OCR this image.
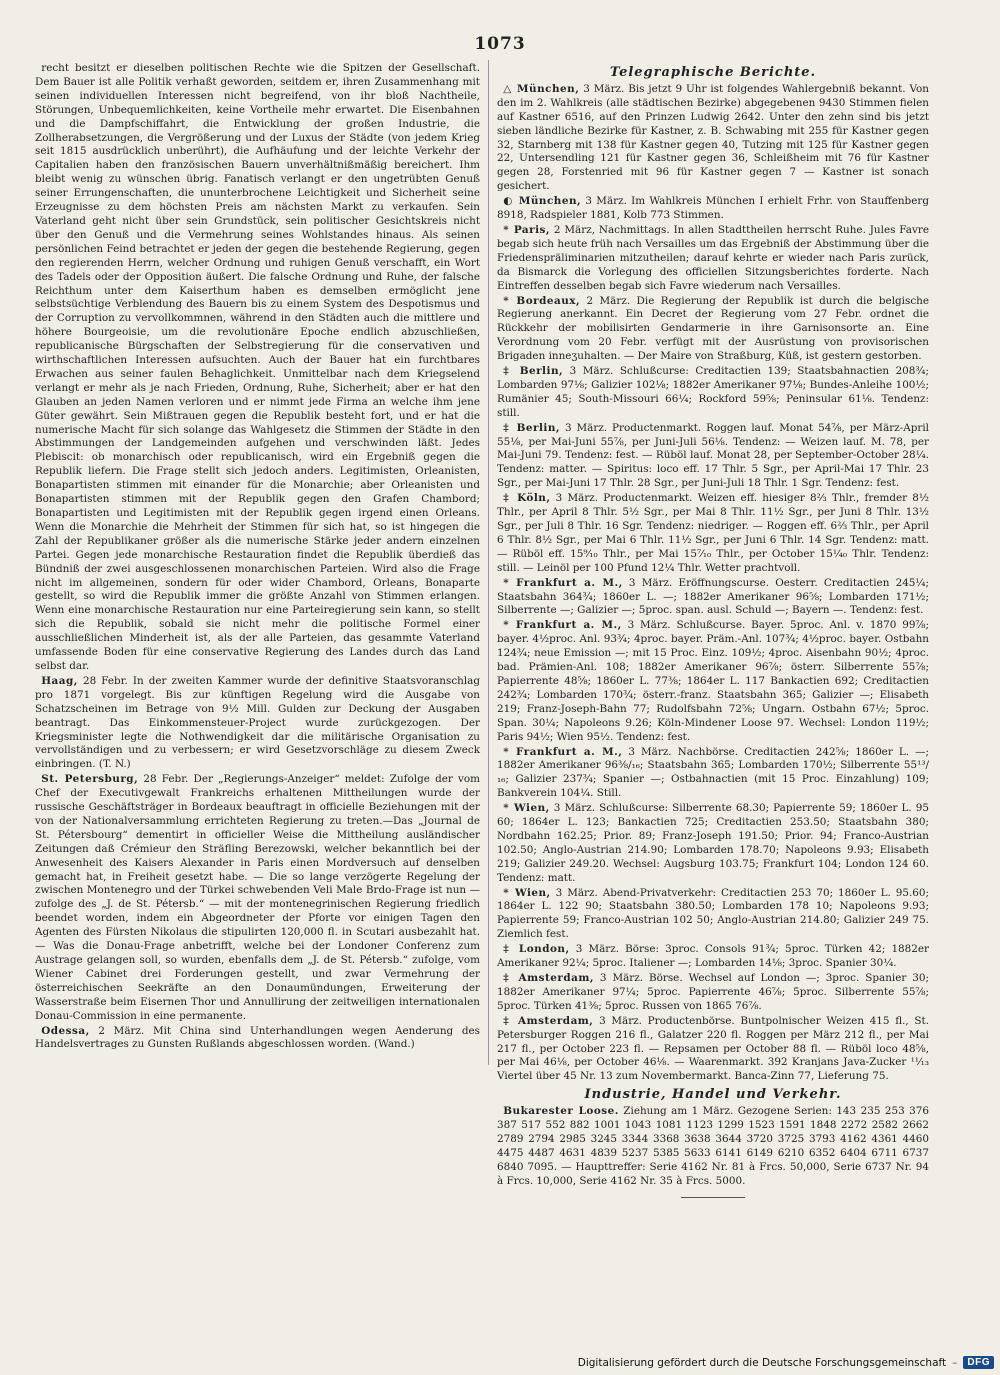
1073

recht besitzt er dieselben politischen Rechte wie die Spitzen der Gesellschaft. Dem Bauer ist alle Politik verhaßt geworden, seitdem er, ihren Zusammenhang mit seinen individuellen Interessen nicht begreifend, von ihr bloß Nachtheile, Störungen, Unbequemlichkeiten, keine Vortheile mehr erwartet. Die Eisenbahnen und die Dampfschiffahrt, die Entwicklung der großen Industrie, die Zollherabsetzungen, die Vergrößerung und der Luxus der Städte (von jedem Krieg seit 1815 ausdrücklich unberührt), die Aufhäufung und der leichte Verkehr der Capitalien haben den französischen Bauern unverhältnißmäßig bereichert. Ihm bleibt wenig zu wünschen übrig. Fanatisch verlangt er den ungetrübten Genuß seiner Errungenschaften, die ununterbrochene Leichtigkeit und Sicherheit seine Erzeugnisse zu dem höchsten Preis am nächsten Markt zu verkaufen. Sein Vaterland geht nicht über sein Grundstück, sein politischer Gesichtskreis nicht über den Genuß und die Vermehrung seines Wohlstandes hinaus. Als seinen persönlichen Feind betrachtet er jeden der gegen die bestehende Regierung, gegen den regierenden Herrn, welcher Ordnung und ruhigen Genuß verschafft, ein Wort des Tadels oder der Opposition äußert. Die falsche Ordnung und Ruhe, der falsche Reichthum unter dem Kaiserthum haben es demselben ermöglicht jene selbstsüchtige Verblendung des Bauern bis zu einem System des Despotismus und der Corruption zu vervollkommnen, während in den Städten auch die mittlere und höhere Bourgeoisie, um die revolutionäre Epoche endlich abzuschließen, republicanische Bürgschaften der Selbstregierung für die conservativen und wirthschaftlichen Interessen aufsuchten. Auch der Bauer hat ein furchtbares Erwachen aus seiner faulen Behaglichkeit. Unmittelbar nach dem Kriegselend verlangt er mehr als je nach Frieden, Ordnung, Ruhe, Sicherheit; aber er hat den Glauben an jeden Namen verloren und er nimmt jede Firma an welche ihm jene Güter gewährt. Sein Mißtrauen gegen die Republik besteht fort, und er hat die numerische Macht für sich solange das Wahlgesetz die Stimmen der Städte in den Abstimmungen der Landgemeinden aufgehen und verschwinden läßt. Jedes Plebiscit: ob monarchisch oder republicanisch, wird ein Ergebniß gegen die Republik liefern. Die Frage stellt sich jedoch anders. Legitimisten, Orleanisten, Bonapartisten stimmen mit einander für die Monarchie; aber Orleanisten und Bonapartisten stimmen mit der Republik gegen den Grafen Chambord; Bonapartisten und Legitimisten mit der Republik gegen irgend einen Orleans. Wenn die Monarchie die Mehrheit der Stimmen für sich hat, so ist hingegen die Zahl der Republikaner größer als die numerische Stärke jeder andern einzelnen Partei. Gegen jede monarchische Restauration findet die Republik überdieß das Bündniß der zwei ausgeschlossenen monarchischen Parteien. Wird also die Frage nicht im allgemeinen, sondern für oder wider Chambord, Orleans, Bonaparte gestellt, so wird die Republik immer die größte Anzahl von Stimmen erlangen. Wenn eine monarchische Restauration nur eine Parteiregierung sein kann, so stellt sich die Republik, sobald sie nicht mehr die politische Formel einer ausschließlichen Minderheit ist, als der alle Parteien, das gesammte Vaterland umfassende Boden für eine conservative Regierung des Landes durch das Land selbst dar.

Haag, 28 Febr. In der zweiten Kammer wurde der definitive Staatsvoranschlag pro 1871 vorgelegt. Bis zur künftigen Regelung wird die Ausgabe von Schatzscheinen im Betrage von 9½ Mill. Gulden zur Deckung der Ausgaben beantragt. Das Einkommensteuer-Project wurde zurückgezogen. Der Kriegsminister legte die Nothwendigkeit dar die militärische Organisation zu vervollständigen und zu verbessern; er wird Gesetzvorschläge zu diesem Zweck einbringen. (T. N.)

St. Petersburg, 28 Febr. Der „Regierungs-Anzeiger“ meldet: Zufolge der vom Chef der Executivgewalt Frankreichs erhaltenen Mittheilungen wurde der russische Geschäftsträger in Bordeaux beauftragt in officielle Beziehungen mit der von der Nationalversammlung errichteten Regierung zu treten.—Das „Journal de St. Pétersbourg“ dementirt in officieller Weise die Mittheilung ausländischer Zeitungen daß Crémieur den Sträfling Berezowski, welcher bekanntlich bei der Anwesenheit des Kaisers Alexander in Paris einen Mordversuch auf denselben gemacht hat, in Freiheit gesetzt habe. — Die so lange verzögerte Regelung der zwischen Montenegro und der Türkei schwebenden Veli Male Brdo-Frage ist nun — zufolge des „J. de St. Pétersb.“ — mit der montenegrinischen Regierung friedlich beendet worden, indem ein Abgeordneter der Pforte vor einigen Tagen den Agenten des Fürsten Nikolaus die stipulirten 120,000 fl. in Scutari ausbezahlt hat. — Was die Donau-Frage anbetrifft, welche bei der Londoner Conferenz zum Austrage gelangen soll, so wurden, ebenfalls dem „J. de St. Pétersb.“ zufolge, vom Wiener Cabinet drei Forderungen gestellt, und zwar Vermehrung der österreichischen Seekräfte an den Donaumündungen, Erweiterung der Wasserstraße beim Eisernen Thor und Annullirung der zeitweiligen internationalen Donau-Commission in eine permanente.

Odessa, 2 März. Mit China sind Unterhandlungen wegen Aenderung des Handelsvertrages zu Gunsten Rußlands abgeschlossen worden. (Wand.)

Telegraphische Berichte.

△ München, 3 März. Bis jetzt 9 Uhr ist folgendes Wahlergebniß bekannt. Von den im 2. Wahlkreis (alle städtischen Bezirke) abgegebenen 9430 Stimmen fielen auf Kastner 6516, auf den Prinzen Ludwig 2642. Unter den zehn sind bis jetzt sieben ländliche Bezirke für Kastner, z. B. Schwabing mit 255 für Kastner gegen 32, Starnberg mit 138 für Kastner gegen 40, Tutzing mit 125 für Kastner gegen 22, Untersendling 121 für Kastner gegen 36, Schleißheim mit 76 für Kastner gegen 28, Forstenried mit 96 für Kastner gegen 7 — Kastner ist sonach gesichert.

◐ München, 3 März. Im Wahlkreis München I erhielt Frhr. von Stauffenberg 8918, Radspieler 1881, Kolb 773 Stimmen.

* Paris, 2 März, Nachmittags. In allen Stadttheilen herrscht Ruhe. Jules Favre begab sich heute früh nach Versailles um das Ergebniß der Abstimmung über die Friedenspräliminarien mitzutheilen; darauf kehrte er wieder nach Paris zurück, da Bismarck die Vorlegung des officiellen Sitzungsberichtes forderte. Nach Eintreffen desselben begab sich Favre wiederum nach Versailles.

* Bordeaux, 2 März. Die Regierung der Republik ist durch die belgische Regierung anerkannt. Ein Decret der Regierung vom 27 Febr. ordnet die Rückkehr der mobilisirten Gendarmerie in ihre Garnisonsorte an. Eine Verordnung vom 20 Febr. verfügt mit der Ausrüstung von provisorischen Brigaden inneʒuhalten. — Der Maire von Straßburg, Küß, ist gestern gestorben.

‡ Berlin, 3 März. Schlußcurse: Creditactien 139; Staatsbahnactien 208¾; Lombarden 97⅛; Galizier 102⅛; 1882er Amerikaner 97⅛; Bundes-Anleihe 100½; Rumänier 45; South-Missouri 66¼; Rockford 59⅝; Peninsular 61⅛. Tendenz: still.

‡ Berlin, 3 März. Productenmarkt. Roggen lauf. Monat 54⅞, per März-April 55⅛, per Mai-Juni 55⅞, per Juni-Juli 56⅛. Tendenz: — Weizen lauf. M. 78, per Mai-Juni 79. Tendenz: fest. — Rüböl lauf. Monat 28, per September-October 28¼. Tendenz: matter. — Spiritus: loco eff. 17 Thlr. 5 Sgr., per April-Mai 17 Thlr. 23 Sgr., per Mai-Juni 17 Thlr. 28 Sgr., per Juni-Juli 18 Thlr. 1 Sgr. Tendenz: fest.

‡ Köln, 3 März. Productenmarkt. Weizen eff. hiesiger 8⅔ Thlr., fremder 8½ Thlr., per April 8 Thlr. 5½ Sgr., per Mai 8 Thlr. 11½ Sgr., per Juni 8 Thlr. 13½ Sgr., per Juli 8 Thlr. 16 Sgr. Tendenz: niedriger. — Roggen eff. 6⅔ Thlr., per April 6 Thlr. 8½ Sgr., per Mai 6 Thlr. 11½ Sgr., per Juni 6 Thlr. 14 Sgr. Tendenz: matt. — Rüböl eff. 15⁹⁄₁₀ Thlr., per Mai 15⁷⁄₁₀ Thlr., per October 15¼₀ Thlr. Tendenz: still. — Leinöl per 100 Pfund 12¼ Thlr. Wetter prachtvoll.

* Frankfurt a. M., 3 März. Eröffnungscurse. Oesterr. Creditactien 245¼; Staatsbahn 364¾; 1860er L. —; 1882er Amerikaner 96⅝; Lombarden 171½; Silberrente —; Galizier —; 5proc. span. ausl. Schuld —; Bayern —. Tendenz: fest.

* Frankfurt a. M., 3 März. Schlußcurse. Bayer. 5proc. Anl. v. 1870 99⅞; bayer. 4½proc. Anl. 93¾; 4proc. bayer. Präm.-Anl. 107¾; 4½proc. bayer. Ostbahn 124¾; neue Emission —; mit 15 Proc. Einz. 109½; 4proc. Aisenbahn 90½; 4proc. bad. Prämien-Anl. 108; 1882er Amerikaner 96⅞; österr. Silberrente 55⅞; Papierrente 48⅝; 1860er L. 77⅜; 1864er L. 117 Bankactien 692; Creditactien 242¾; Lombarden 170¾; österr.-franz. Staatsbahn 365; Galizier —; Elisabeth 219; Franz-Joseph-Bahn 77; Rudolfsbahn 72⅝; Ungarn. Ostbahn 67½; 5proc. Span. 30¼; Napoleons 9.26; Köln-Mindener Loose 97. Wechsel: London 119½; Paris 94½; Wien 95½. Tendenz: fest.

* Frankfurt a. M., 3 März. Nachbörse. Creditactien 242⅝; 1860er L. —; 1882er Amerikaner 96⅜/₁₆; Staatsbahn 365; Lombarden 170½; Silberrente 55¹³/₁₆; Galizier 237¾; Spanier —; Ostbahnactien (mit 15 Proc. Einzahlung) 109; Bankverein 104¼. Still.

* Wien, 3 März. Schlußcurse: Silberrente 68.30; Papierrente 59; 1860er L. 95 60; 1864er L. 123; Bankactien 725; Creditactien 253.50; Staatsbahn 380; Nordbahn 162.25; Prior. 89; Franz-Joseph 191.50; Prior. 94; Franco-Austrian 102.50; Anglo-Austrian 214.90; Lombarden 178.70; Napoleons 9.93; Elisabeth 219; Galizier 249.20. Wechsel: Augsburg 103.75; Frankfurt 104; London 124 60. Tendenz: matt.

* Wien, 3 März. Abend-Privatverkehr: Creditactien 253 70; 1860er L. 95.60; 1864er L. 122 90; Staatsbahn 380.50; Lombarden 178 10; Napoleons 9.93; Papierrente 59; Franco-Austrian 102 50; Anglo-Austrian 214.80; Galizier 249 75. Ziemlich fest.

‡ London, 3 März. Börse: 3proc. Consols 91¾; 5proc. Türken 42; 1882er Amerikaner 92¼; 5proc. Italiener —; Lombarden 14⅛; 3proc. Spanier 30¼.

‡ Amsterdam, 3 März. Börse. Wechsel auf London —; 3proc. Spanier 30; 1882er Amerikaner 97¼; 5proc. Papierrente 46⅞; 5proc. Silberrente 55⅞; 5proc. Türken 41⅜; 5proc. Russen von 1865 76⅞.

‡ Amsterdam, 3 März. Productenbörse. Buntpolnischer Weizen 415 fl., St. Petersburger Roggen 216 fl., Galatzer 220 fl. Roggen per März 212 fl., per Mai 217 fl., per October 223 fl. — Repsamen per October 88 fl. — Rüböl loco 48⅝, per Mai 46⅛, per October 46⅛. — Waarenmarkt. 392 Kranjans Java-Zucker ¹¹⁄₁₃ Viertel über 45 Nr. 13 zum Novembermarkt. Banca-Zinn 77, Lieferung 75.

Industrie, Handel und Verkehr.

Bukarester Loose. Ziehung am 1 März. Gezogene Serien: 143 235 253 376 387 517 552 882 1001 1043 1081 1123 1299 1523 1591 1848 2272 2582 2662 2789 2794 2985 3245 3344 3368 3638 3644 3720 3725 3793 4162 4361 4460 4475 4487 4631 4839 5237 5385 5633 6141 6149 6210 6352 6404 6711 6737 6840 7095. — Haupttreffer: Serie 4162 Nr. 81 à Frcs. 50,000, Serie 6737 Nr. 94 à Frcs. 10,000, Serie 4162 Nr. 35 à Frcs. 5000.

Digitalisierung gefördert durch die Deutsche Forschungsgemeinschaft –	DFG
